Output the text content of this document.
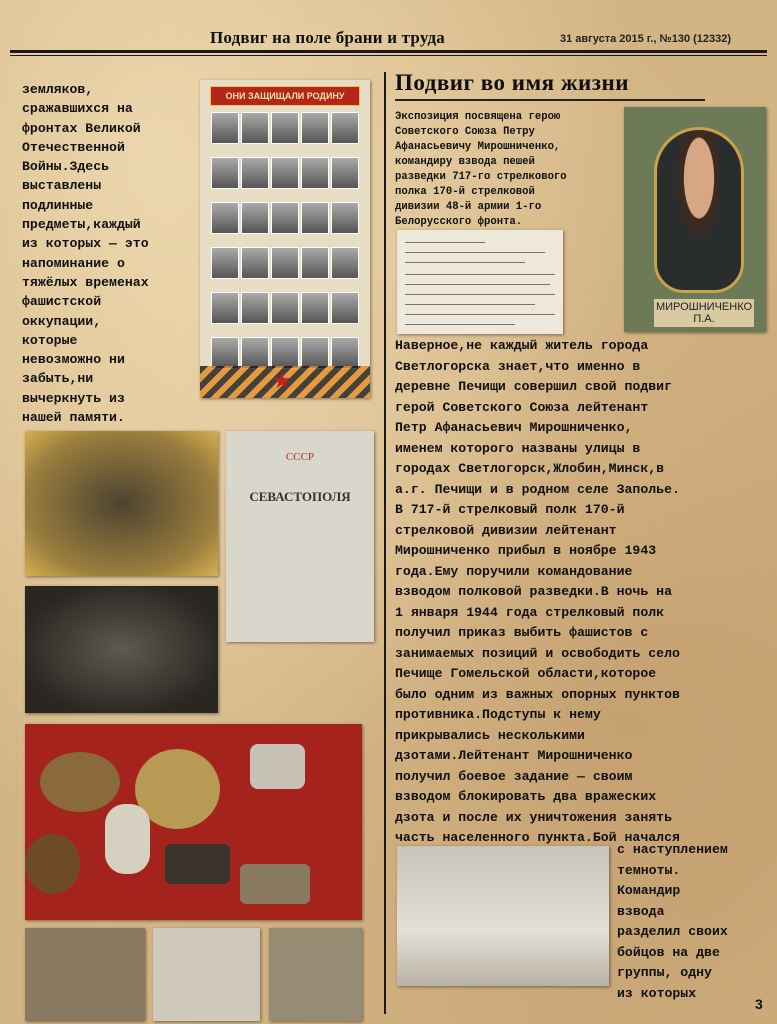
Подвиг на поле брани и труда	31 августа 2015 г., №130 (12332)
земляков,
сражавшихся на
фронтах Великой
Отечественной
Войны.Здесь
выставлены
подлинные
предметы,каждый
из которых — это
напоминание о
тяжёлых временах
фашистской
оккупации,
которые
невозможно ни
забыть,ни
вычеркнуть из
нашей памяти.
ОНИ ЗАЩИЩАЛИ РОДИНУ

★
СССР
СЕВАСТОПОЛЯ
Подвиг во имя жизни
Экспозиция посвящена герою
Советского Союза Петру
Афанасьевичу Мирошниченко,
командиру взвода пешей
разведки 717-го стрелкового
полка 170-й стрелковой
дивизии 48-й армии 1-го
Белорусского фронта.
МИРОШНИЧЕНКО П.А.
Наверное,не каждый житель города
Светлогорска знает,что именно в
деревне Печищи совершил свой подвиг
герой Советского Союза лейтенант
Петр Афанасьевич Мирошниченко,
именем которого названы улицы в
городах Светлогорск,Жлобин,Минск,в
а.г. Печищи и в родном селе Заполье.
В 717-й стрелковый полк 170-й
стрелковой дивизии лейтенант
Мирошниченко прибыл в ноябре 1943
года.Ему поручили командование
взводом полковой разведки.В ночь на
1 января 1944 года стрелковый полк
получил приказ выбить фашистов с
занимаемых позиций и освободить село
Печище Гомельской области,которое
было одним из важных опорных пунктов
противника.Подступы к нему
прикрывались несколькими
дзотами.Лейтенант Мирошниченко
получил боевое задание — своим
взводом блокировать два вражеских
дзота и после их уничтожения занять
часть населенного пункта.Бой начался
с наступлением
темноты.
Командир
взвода
разделил своих
бойцов на две
группы, одну
из которых
3
